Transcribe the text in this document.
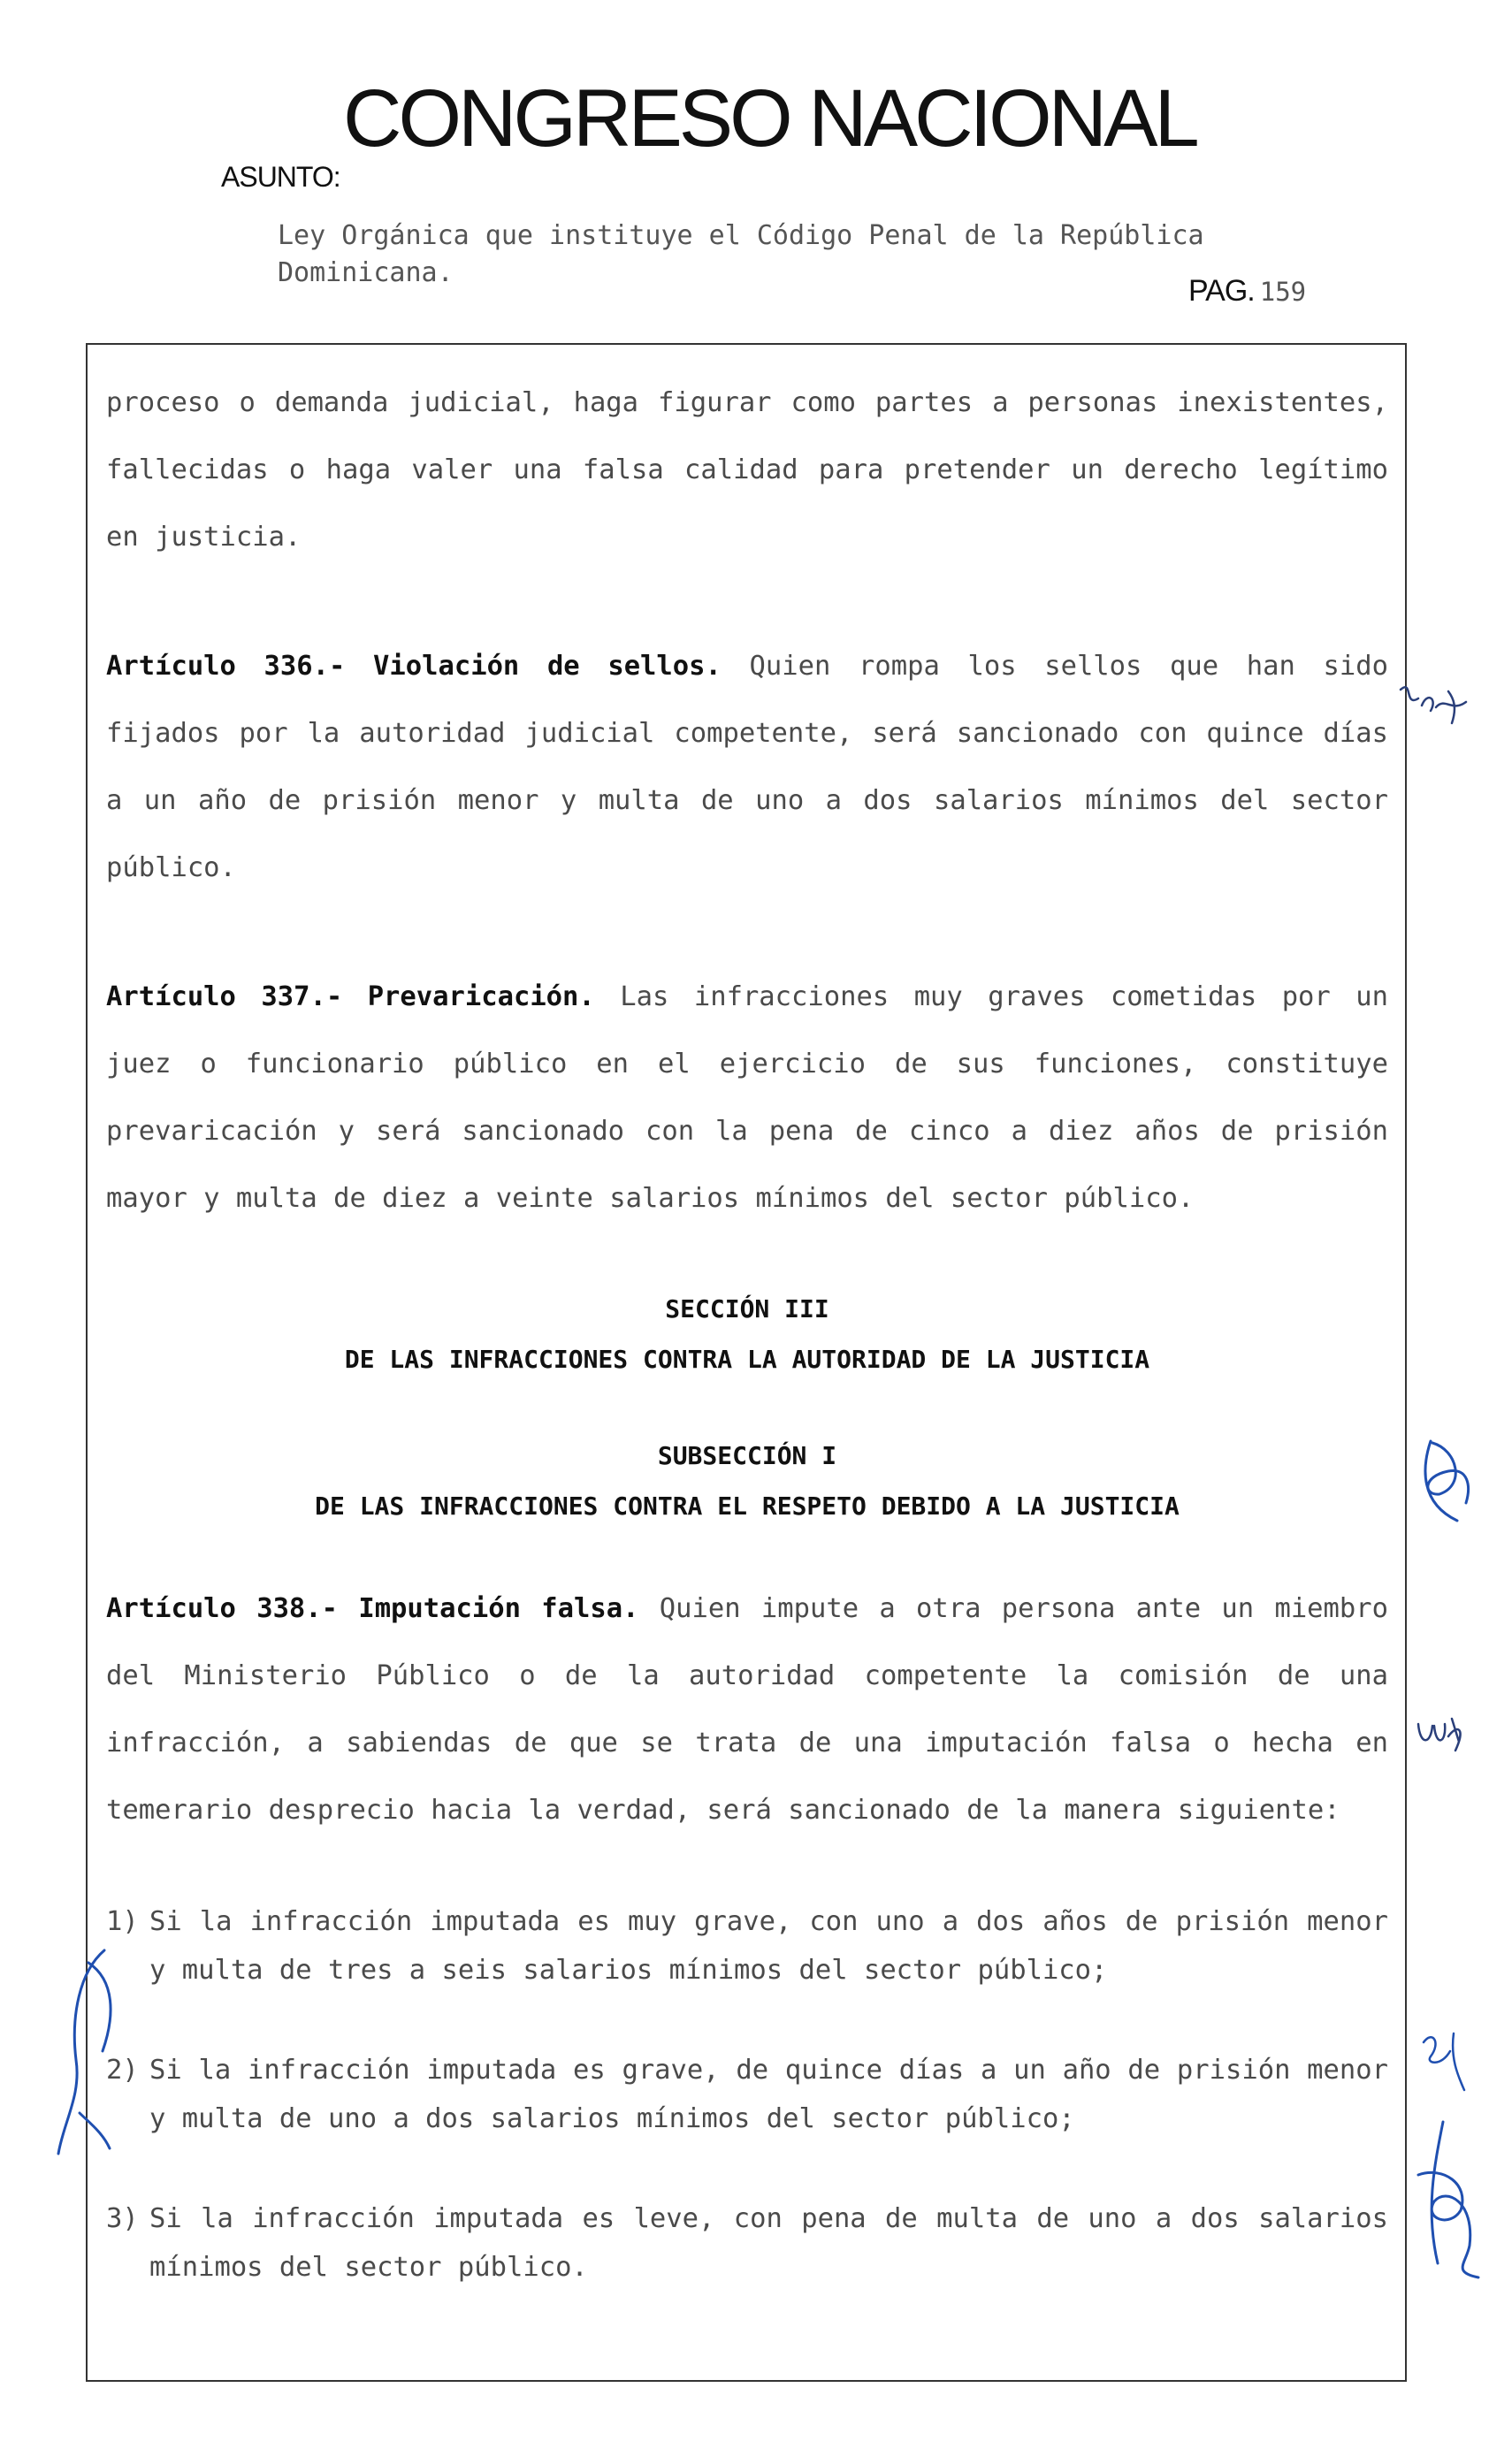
CONGRESO NACIONAL
ASUNTO:
Ley Orgánica que instituye el Código Penal de la República Dominicana.
PAG. 159

proceso o demanda judicial, haga figurar como partes a personas inexistentes, fallecidas o haga valer una falsa calidad para pretender un derecho legítimo en justicia.

Artículo 336.- Violación de sellos. Quien rompa los sellos que han sido fijados por la autoridad judicial competente, será sancionado con quince días a un año de prisión menor y multa de uno a dos salarios mínimos del sector público.

Artículo 337.- Prevaricación. Las infracciones muy graves cometidas por un juez o funcionario público en el ejercicio de sus funciones, constituye prevaricación y será sancionado con la pena de cinco a diez años de prisión mayor y multa de diez a veinte salarios mínimos del sector público.

SECCIÓN III

DE LAS INFRACCIONES CONTRA LA AUTORIDAD DE LA JUSTICIA

SUBSECCIÓN I

DE LAS INFRACCIONES CONTRA EL RESPETO DEBIDO A LA JUSTICIA

Artículo 338.- Imputación falsa. Quien impute a otra persona ante un miembro del Ministerio Público o de la autoridad competente la comisión de una infracción, a sabiendas de que se trata de una imputación falsa o hecha en temerario desprecio hacia la verdad, será sancionado de la manera siguiente:

1) Si la infracción imputada es muy grave, con uno a dos años de prisión menor y multa de tres a seis salarios mínimos del sector público;
2) Si la infracción imputada es grave, de quince días a un año de prisión menor y multa de uno a dos salarios mínimos del sector público;
3) Si la infracción imputada es leve, con pena de multa de uno a dos salarios mínimos del sector público.
